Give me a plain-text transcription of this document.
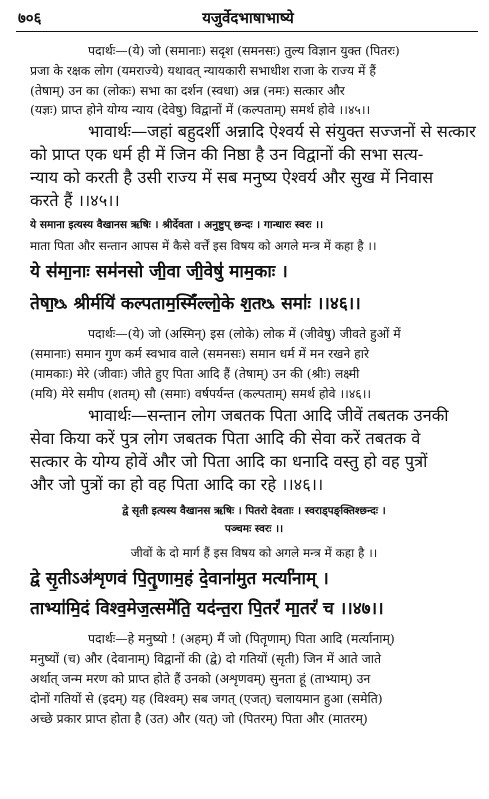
७०६	यजुर्वेदभाषाभाष्ये
पदार्थः—(ये) जो (समानाः) सदृश (समनसः) तुल्य विज्ञान युक्त (पितरः)
प्रजा के रक्षक लोग (यमराज्ये) यथावत् न्यायकारी सभाधीश राजा के राज्य में हैं
(तेषाम्) उन का (लोकः) सभा का दर्शन (स्वधा) अन्न (नमः) सत्कार और
(यज्ञः) प्राप्त होने योग्य न्याय (देवेषु) विद्वानों में (कल्पताम्) समर्थ होवे ।।४५।।
भावार्थः—जहां बहुदर्शी अन्नादि ऐश्वर्य से संयुक्त सज्जनों से सत्कार
को प्राप्त एक धर्म ही में जिन की निष्ठा है उन विद्वानों की सभा सत्य-
न्याय को करती है उसी राज्य में सब मनुष्य ऐश्वर्य और सुख में निवास
करते हैं ।।४५।।
ये समाना इत्यस्य वैखानस ऋषिः । श्रीर्देवता । अनुष्टुप् छन्दः । गान्धारः स्वरः ।।
माता पिता और सन्तान आपस में कैसे वर्त्तें इस विषय को अगले मन्त्र में कहा है ।।
ये स॑मा॒नाः सम॑नसो जी॒वा जी॒वेषु॑ माम॒काः ।
तेषा॒ᳬ श्रीर्मयि॑ कल्पताम॒स्मिँल्लो॒के श॒तᳬ समाः॑ ।।४६।।
पदार्थः—(ये) जो (अस्मिन्) इस (लोके) लोक में (जीवेषु) जीवते हुओं में
(समानाः) समान गुण कर्म स्वभाव वाले (समनसः) समान धर्म में मन रखने हारे
(मामकाः) मेरे (जीवाः) जीते हुए पिता आदि हैं (तेषाम्) उन की (श्रीः) लक्ष्मी
(मयि) मेरे समीप (शतम्) सौ (समाः) वर्षपर्यन्त (कल्पताम्) समर्थ होवे ।।४६।।
भावार्थः—सन्तान लोग जबतक पिता आदि जीवें तबतक उनकी
सेवा किया करें पुत्र लोग जबतक पिता आदि की सेवा करें तबतक वे
सत्कार के योग्य होवें और जो पिता आदि का धनादि वस्तु हो वह पुत्रों
और जो पुत्रों का हो वह पिता आदि का रहे ।।४६।।
द्वे सृती इत्यस्य वैखानस ऋषिः । पितरो देवताः । स्वराड्पङ्क्तिश्छन्दः ।
पञ्चमः स्वरः ।।
जीवों के दो मार्ग हैं इस विषय को अगले मन्त्र में कहा है ।।
द्वे सृ॒तीऽअ॑शृणवं पि॒तॄ॒णाम॒हं दे॒वाना॑मुत मर्त्या॑नाम् ।
ताभ्या॑मि॒दं विश्व॒मेज॒त्समे॑ति॒ यद॑न्त॒रा पि॒तरं॑ मा॒तरं॑ च ।।४७।।
पदार्थः—हे मनुष्यो ! (अहम्) मैं जो (पितॄणाम्) पिता आदि (मर्त्यानाम्)
मनुष्यों (च) और (देवानाम्) विद्वानों की (द्वे) दो गतियों (सृती) जिन में आते जाते
अर्थात् जन्म मरण को प्राप्त होते हैं उनको (अशृणवम्) सुनता हूं (ताभ्याम्) उन
दोनों गतियों से (इदम्) यह (विश्वम्) सब जगत् (एजत्) चलायमान हुआ (समेति)
अच्छे प्रकार प्राप्त होता है (उत) और (यत्) जो (पितरम्) पिता और (मातरम्)
